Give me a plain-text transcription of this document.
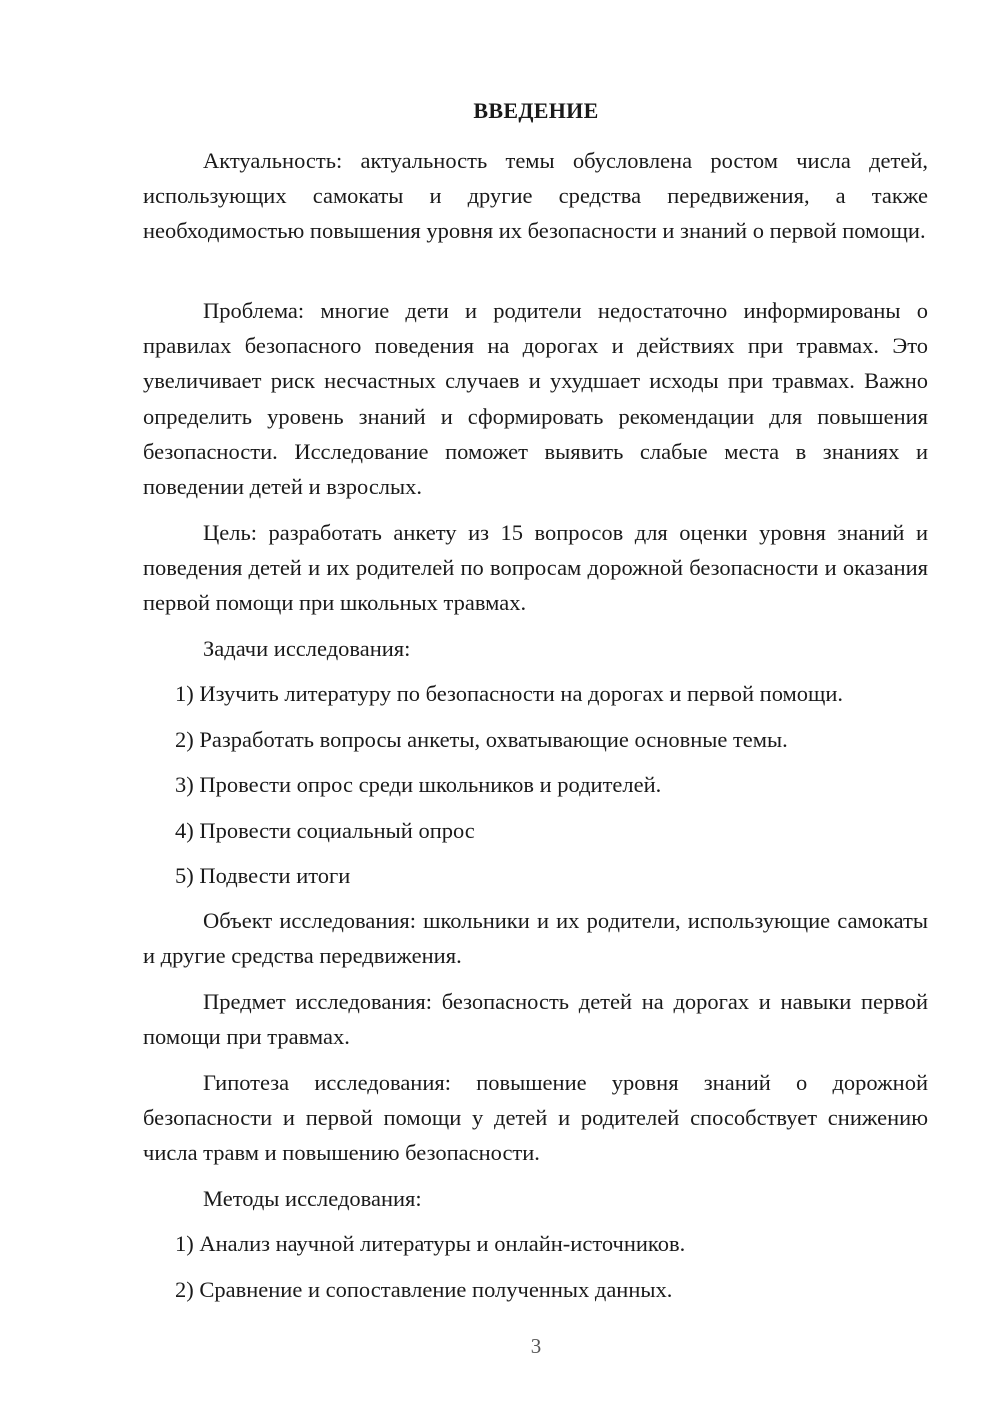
ВВЕДЕНИЕ

Актуальность: актуальность темы обусловлена ростом числа детей, использующих самокаты и другие средства передвижения, а также необходимостью повышения уровня их безопасности и знаний о первой помощи.

Проблема: многие дети и родители недостаточно информированы о правилах безопасного поведения на дорогах и действиях при травмах. Это увеличивает риск несчастных случаев и ухудшает исходы при травмах. Важно определить уровень знаний и сформировать рекомендации для повышения безопасности. Исследование поможет выявить слабые места в знаниях и поведении детей и взрослых.

Цель: разработать анкету из 15 вопросов для оценки уровня знаний и поведения детей и их родителей по вопросам дорожной безопасности и оказания первой помощи при школьных травмах.

Задачи исследования:

1) Изучить литературу по безопасности на дорогах и первой помощи.

2) Разработать вопросы анкеты, охватывающие основные темы.

3) Провести опрос среди школьников и родителей.

4) Провести социальный опрос

5) Подвести итоги

Объект исследования: школьники и их родители, использующие самокаты и другие средства передвижения.

Предмет исследования: безопасность детей на дорогах и навыки первой помощи при травмах.

Гипотеза исследования: повышение уровня знаний о дорожной безопасности и первой помощи у детей и родителей способствует снижению числа травм и повышению безопасности.

Методы исследования:

1) Анализ научной литературы и онлайн-источников.

2) Сравнение и сопоставление полученных данных.

3
